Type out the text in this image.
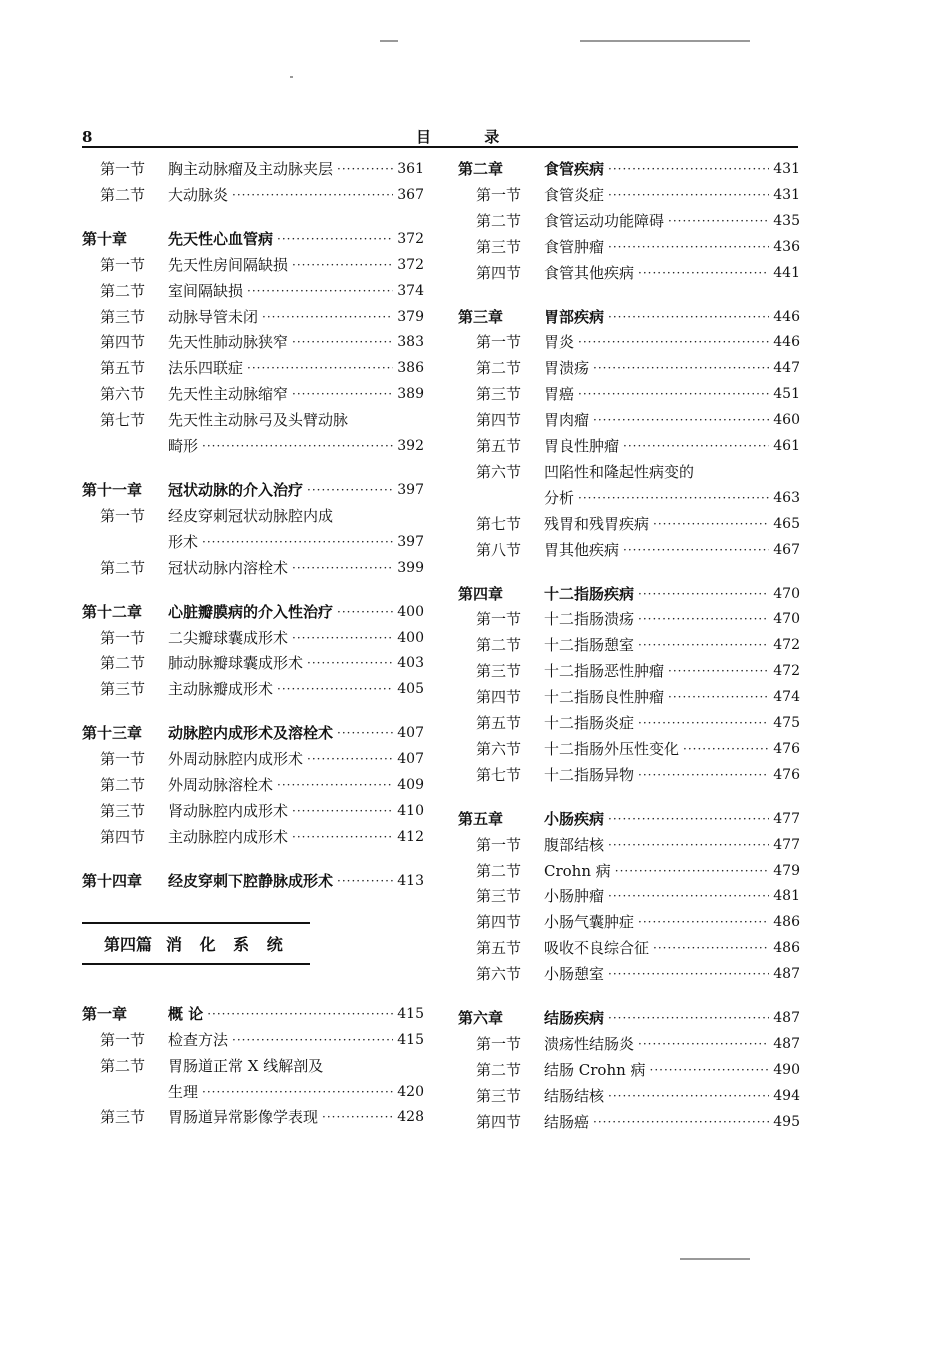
8	目 录
第一节	胸主动脉瘤及主动脉夹层 ·····	361
第二节	大动脉炎 ·····	367
第十章	先天性心血管病 ·····	372
第一节	先天性房间隔缺损 ·····	372
第二节	室间隔缺损 ·····	374
第三节	动脉导管未闭 ·····	379
第四节	先天性肺动脉狭窄 ·····	383
第五节	法乐四联症 ·····	386
第六节	先天性主动脉缩窄 ·····	389
第七节	先天性主动脉弓及头臂动脉
畸形 ·····	392
第十一章	冠状动脉的介入治疗 ·····	397
第一节	经皮穿刺冠状动脉腔内成
形术 ·····	397
第二节	冠状动脉内溶栓术 ·····	399
第十二章	心脏瓣膜病的介入性治疗 ·····	400
第一节	二尖瓣球囊成形术 ·····	400
第二节	肺动脉瓣球囊成形术 ·····	403
第三节	主动脉瓣成形术 ·····	405
第十三章	动脉腔内成形术及溶栓术 ·····	407
第一节	外周动脉腔内成形术 ·····	407
第二节	外周动脉溶栓术 ·····	409
第三节	肾动脉腔内成形术 ·····	410
第四节	主动脉腔内成形术 ·····	412
第十四章	经皮穿刺下腔静脉成形术 ·····	413
第四篇 消 化 系 统
第一章	概 论 ·····	415
第一节	检查方法 ·····	415
第二节	胃肠道正常 X 线解剖及
生理 ·····	420
第三节	胃肠道异常影像学表现 ·····	428
第二章	食管疾病 ·····	431
第一节	食管炎症 ·····	431
第二节	食管运动功能障碍 ·····	435
第三节	食管肿瘤 ·····	436
第四节	食管其他疾病 ·····	441
第三章	胃部疾病 ·····	446
第一节	胃炎 ·····	446
第二节	胃溃疡 ·····	447
第三节	胃癌 ·····	451
第四节	胃肉瘤 ·····	460
第五节	胃良性肿瘤 ·····	461
第六节	凹陷性和隆起性病变的
分析 ·····	463
第七节	残胃和残胃疾病 ·····	465
第八节	胃其他疾病 ·····	467
第四章	十二指肠疾病 ·····	470
第一节	十二指肠溃疡 ·····	470
第二节	十二指肠憩室 ·····	472
第三节	十二指肠恶性肿瘤 ·····	472
第四节	十二指肠良性肿瘤 ·····	474
第五节	十二指肠炎症 ·····	475
第六节	十二指肠外压性变化 ·····	476
第七节	十二指肠异物 ·····	476
第五章	小肠疾病 ·····	477
第一节	腹部结核 ·····	477
第二节	Crohn 病 ·····	479
第三节	小肠肿瘤 ·····	481
第四节	小肠气囊肿症 ·····	486
第五节	吸收不良综合征 ·····	486
第六节	小肠憩室 ·····	487
第六章	结肠疾病 ·····	487
第一节	溃疡性结肠炎 ·····	487
第二节	结肠 Crohn 病 ·····	490
第三节	结肠结核 ·····	494
第四节	结肠癌 ·····	495
